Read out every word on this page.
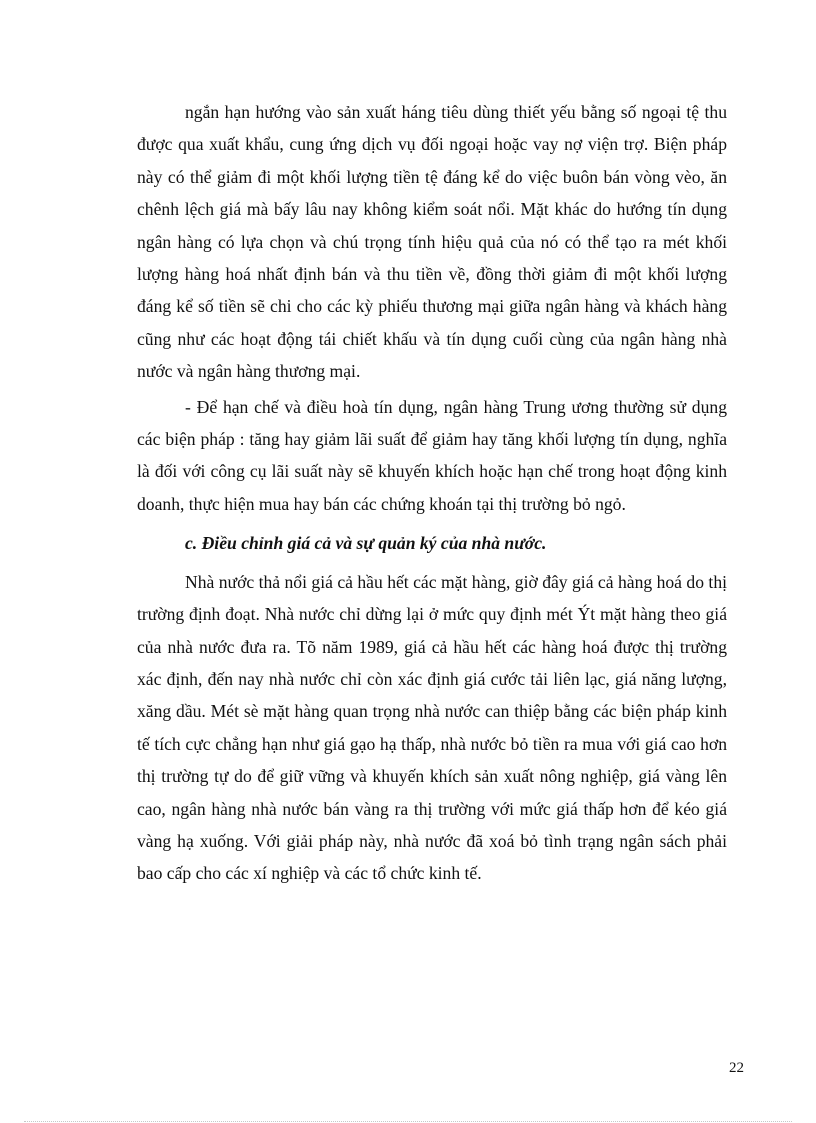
ngắn hạn hướng vào sản xuất háng tiêu dùng thiết yếu bằng số ngoại tệ thu được qua xuất khẩu, cung ứng dịch vụ đối ngoại hoặc vay nợ viện trợ. Biện pháp này có thể giảm đi một khối lượng tiền tệ đáng kể do việc buôn bán vòng vèo, ăn chênh lệch giá mà bấy lâu nay không kiểm soát nổi. Mặt khác do hướng tín dụng ngân hàng có lựa chọn và chú trọng tính hiệu quả của nó có thể tạo ra mét khối lượng hàng hoá nhất định bán và thu tiền về, đồng thời giảm đi một khối lượng đáng kể số tiền sẽ chi cho các kỳ phiếu thương mại giữa ngân hàng và khách hàng cũng như các hoạt động tái chiết khấu và tín dụng cuối cùng của ngân hàng nhà nước và ngân hàng thương mại.

- Để hạn chế và điều hoà tín dụng, ngân hàng Trung ương thường sử dụng các biện pháp : tăng hay giảm lãi suất để giảm hay tăng khối lượng tín dụng, nghĩa là đối với công cụ lãi suất này sẽ khuyến khích hoặc hạn chế trong hoạt động kinh doanh, thực hiện mua hay bán các chứng khoán tại thị trường bỏ ngỏ.

c. Điều chỉnh giá cả và sự quản ký của nhà nước.

Nhà nước thả nổi giá cả hầu hết các mặt hàng, giờ đây giá cả hàng hoá do thị trường định đoạt. Nhà nước chỉ dừng lại ở mức quy định mét Ýt mặt hàng theo giá của nhà nước đưa ra. Tõ năm 1989, giá cả hầu hết các hàng hoá được thị trường xác định, đến nay nhà nước chỉ còn xác định giá cước tải liên lạc, giá năng lượng, xăng dầu. Mét sè mặt hàng quan trọng nhà nước can thiệp bằng các biện pháp kinh tế tích cực chẳng hạn như giá gạo hạ thấp, nhà nước bỏ tiền ra mua với giá cao hơn thị trường tự do để giữ vững và khuyến khích sản xuất nông nghiệp, giá vàng lên cao, ngân hàng nhà nước bán vàng ra thị trường với mức giá thấp hơn để kéo giá vàng hạ xuống. Với giải pháp này, nhà nước đã xoá bỏ tình trạng ngân sách phải bao cấp cho các xí nghiệp và các tổ chức kinh tế.

22
